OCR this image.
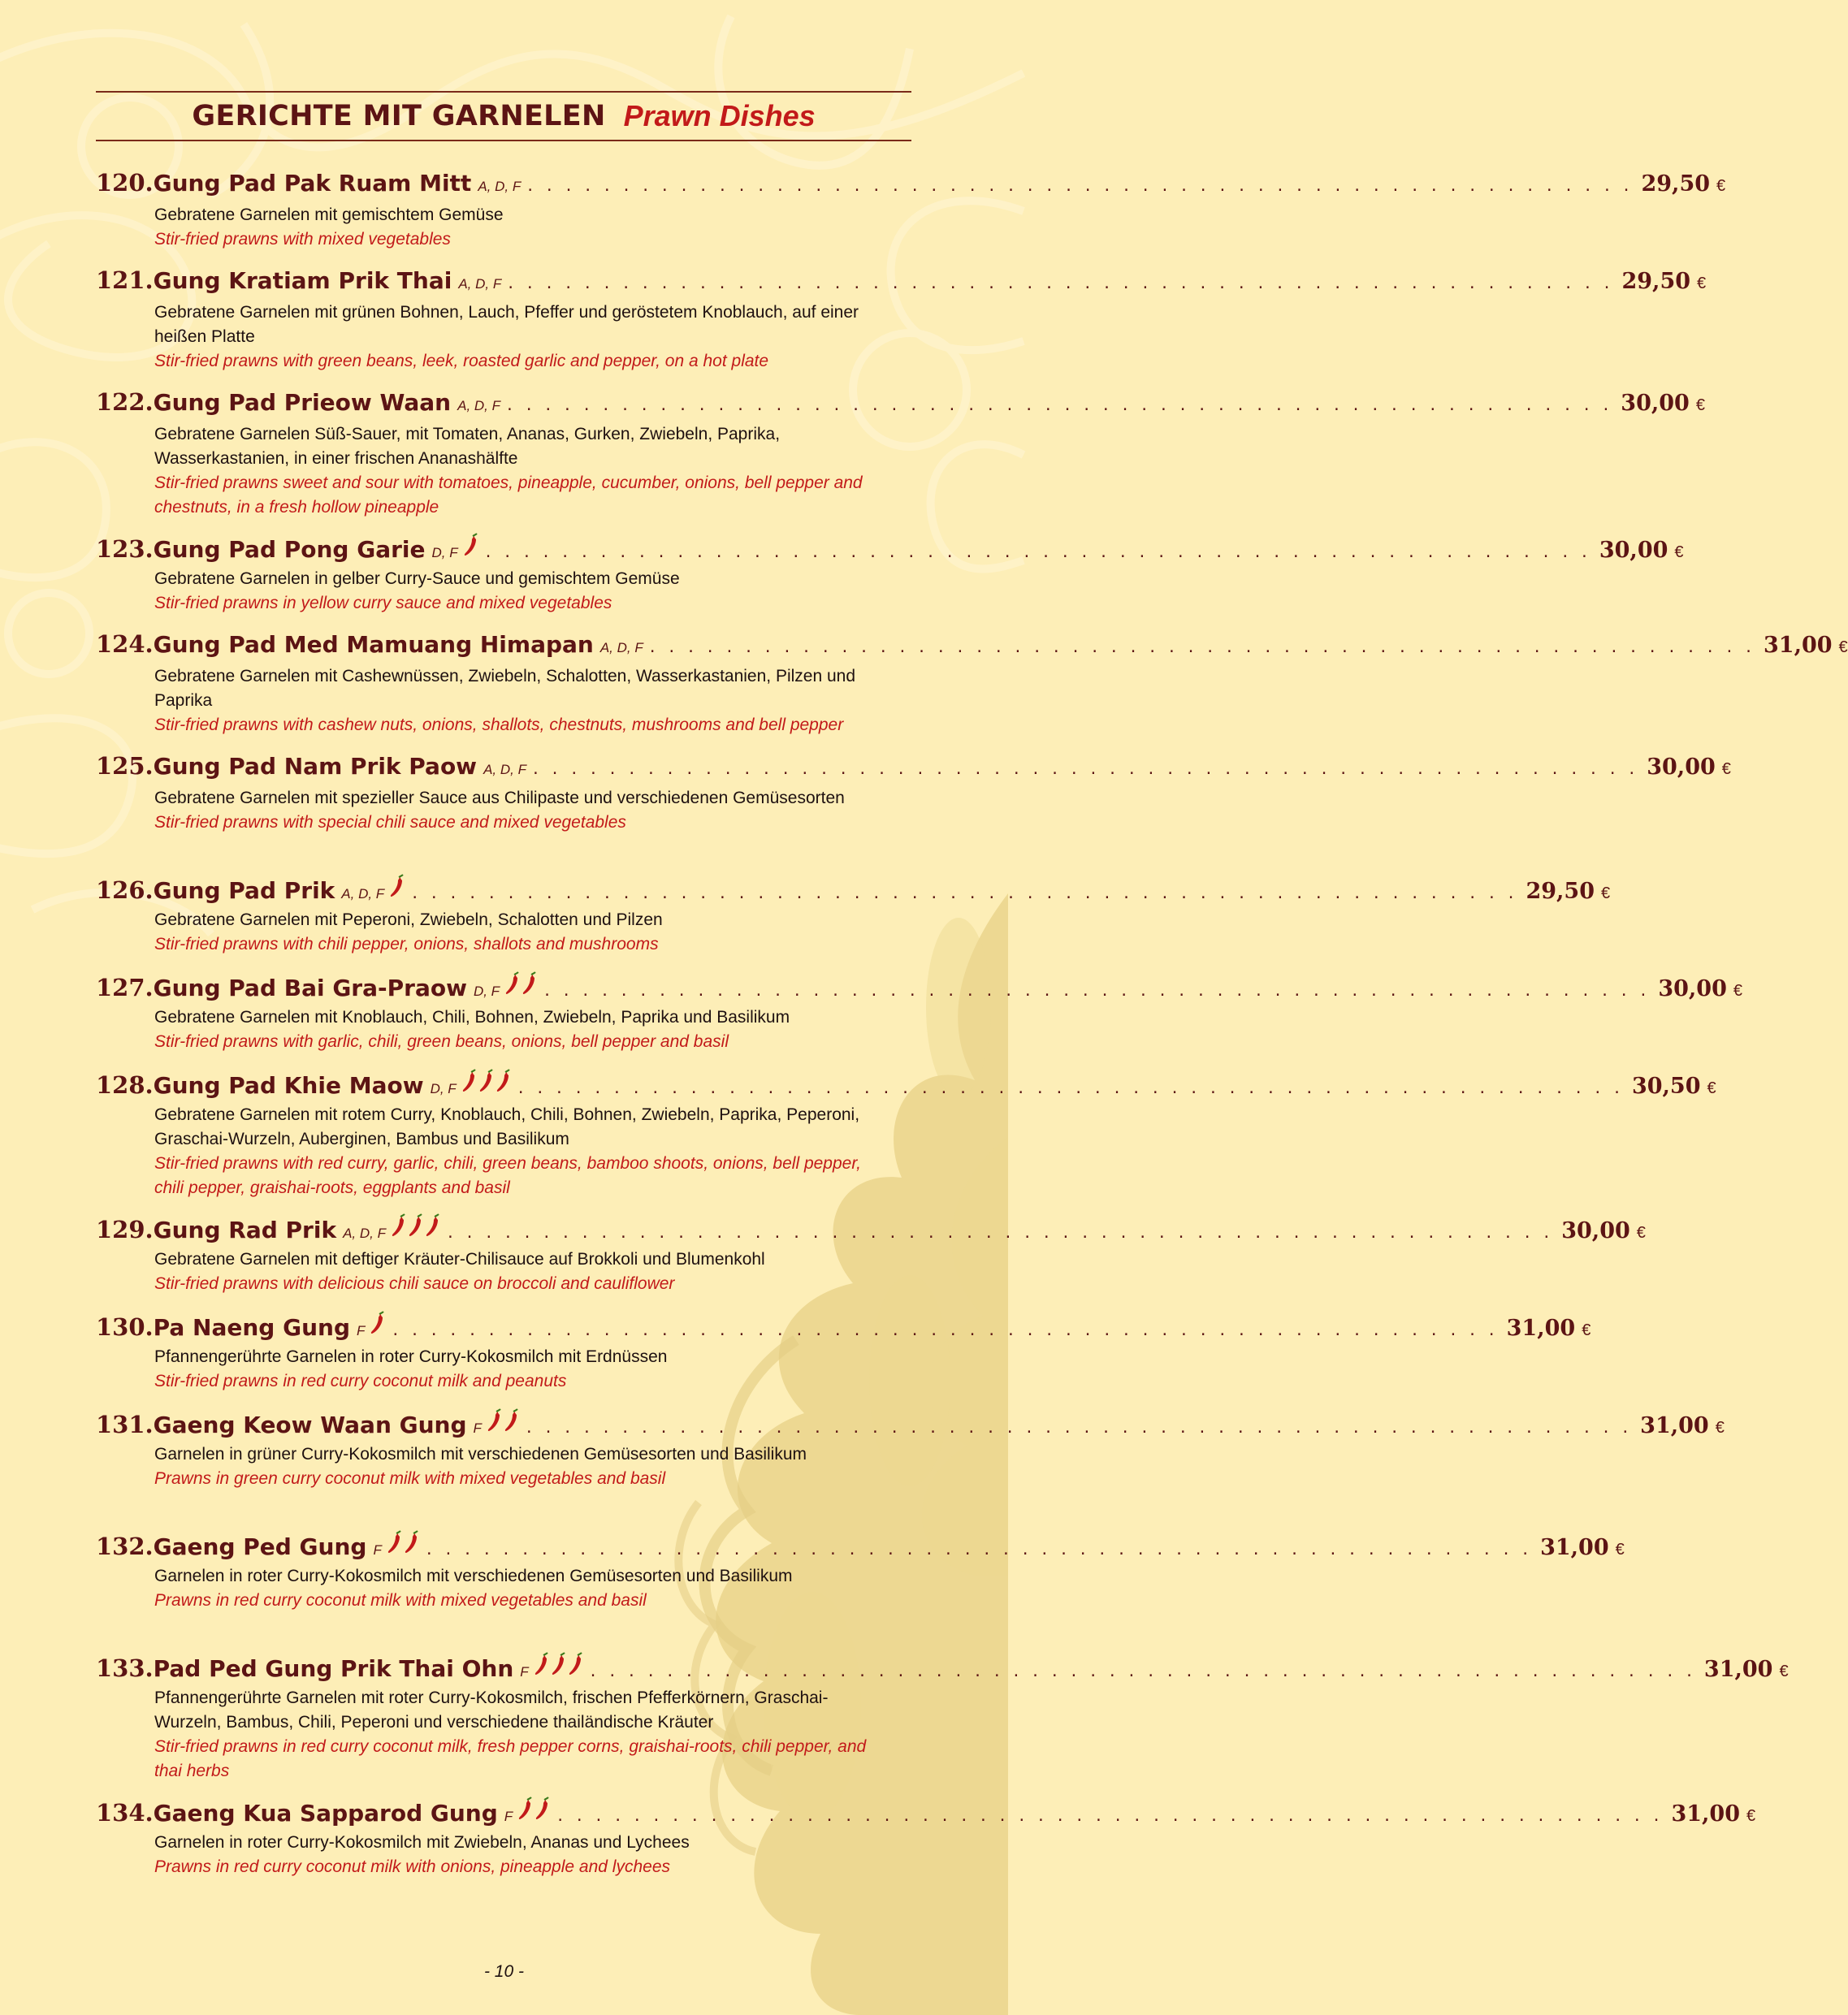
GERICHTE MIT GARNELEN Prawn Dishes
120. Gung Pad Pak Ruam Mitt A, D, F . . . . . . . . . . . . . . . . . . . . . . . . . . . . . . . . . . . . . . . . . . . . . . . . . . . . . . . . . . 29,50 €
Gebratene Garnelen mit gemischtem Gemüse
Stir-fried prawns with mixed vegetables
121. Gung Kratiam Prik Thai A, D, F . . . . . . . . . . . . . . . . . . . . . . . . . . . . . . . . . . . . . . . . . . . . . . . . . . . . . . . . . . 29,50 €
Gebratene Garnelen mit grünen Bohnen, Lauch, Pfeffer und geröstetem Knoblauch, auf einer heißen Platte
Stir-fried prawns with green beans, leek, roasted garlic and pepper, on a hot plate
122. Gung Pad Prieow Waan A, D, F . . . . . . . . . . . . . . . . . . . . . . . . . . . . . . . . . . . . . . . . . . . . . . . . . . . . . . . . . . 30,00 €
Gebratene Garnelen Süß-Sauer, mit Tomaten, Ananas, Gurken, Zwiebeln, Paprika, Wasserkastanien, in einer frischen Ananashälfte
Stir-fried prawns sweet and sour with tomatoes, pineapple, cucumber, onions, bell pepper and chestnuts, in a fresh hollow pineapple
123. Gung Pad Pong Garie D, F . . . . . . . . . . . . . . . . . . . . . . . . . . . . . . . . . . . . . . . . . . . . . . . . . . . . . . . . . . 30,00 €
Gebratene Garnelen in gelber Curry-Sauce und gemischtem Gemüse
Stir-fried prawns in yellow curry sauce and mixed vegetables
124. Gung Pad Med Mamuang Himapan A, D, F . . . . . . . . . . . . . . . . . . . . . . . . . . . . . . . . . . . . . . . . . . . . . . . . . . . . . . . . . . 31,00 €
Gebratene Garnelen mit Cashewnüssen, Zwiebeln, Schalotten, Wasserkastanien, Pilzen und Paprika
Stir-fried prawns with cashew nuts, onions, shallots, chestnuts, mushrooms and bell pepper
125. Gung Pad Nam Prik Paow A, D, F . . . . . . . . . . . . . . . . . . . . . . . . . . . . . . . . . . . . . . . . . . . . . . . . . . . . . . . . . . 30,00 €
Gebratene Garnelen mit spezieller Sauce aus Chilipaste und verschiedenen Gemüsesorten
Stir-fried prawns with special chili sauce and mixed vegetables
126. Gung Pad Prik A, D, F . . . . . . . . . . . . . . . . . . . . . . . . . . . . . . . . . . . . . . . . . . . . . . . . . . . . . . . . . . 29,50 €
Gebratene Garnelen mit Peperoni, Zwiebeln, Schalotten und Pilzen
Stir-fried prawns with chili pepper, onions, shallots and mushrooms
127. Gung Pad Bai Gra-Praow D, F	. . . . . . . . . . . . . . . . . . . . . . . . . . . . . . . . . . . . . . . . . . . . . . . . . . . . . . . . . . 30,00 €
Gebratene Garnelen mit Knoblauch, Chili, Bohnen, Zwiebeln, Paprika und Basilikum
Stir-fried prawns with garlic, chili, green beans, onions, bell pepper and basil
128. Gung Pad Khie Maow D, F	. . . . . . . . . . . . . . . . . . . . . . . . . . . . . . . . . . . . . . . . . . . . . . . . . . . . . . . . . . 30,50 €
Gebratene Garnelen mit rotem Curry, Knoblauch, Chili, Bohnen, Zwiebeln, Paprika, Peperoni, Graschai-Wurzeln, Auberginen, Bambus und Basilikum
Stir-fried prawns with red curry, garlic, chili, green beans, bamboo shoots, onions, bell pepper, chili pepper, graishai-roots, eggplants and basil
129. Gung Rad Prik A, D, F	. . . . . . . . . . . . . . . . . . . . . . . . . . . . . . . . . . . . . . . . . . . . . . . . . . . . . . . . . . 30,00 €
Gebratene Garnelen mit deftiger Kräuter-Chilisauce auf Brokkoli und Blumenkohl
Stir-fried prawns with delicious chili sauce on broccoli and cauliflower
130. Pa Naeng Gung F . . . . . . . . . . . . . . . . . . . . . . . . . . . . . . . . . . . . . . . . . . . . . . . . . . . . . . . . . . 31,00 €
Pfannengerührte Garnelen in roter Curry-Kokosmilch mit Erdnüssen
Stir-fried prawns in red curry coconut milk and peanuts
131. Gaeng Keow Waan Gung F	. . . . . . . . . . . . . . . . . . . . . . . . . . . . . . . . . . . . . . . . . . . . . . . . . . . . . . . . . . 31,00 €
Garnelen in grüner Curry-Kokosmilch mit verschiedenen Gemüsesorten und Basilikum
Prawns in green curry coconut milk with mixed vegetables and basil
132. Gaeng Ped Gung F	. . . . . . . . . . . . . . . . . . . . . . . . . . . . . . . . . . . . . . . . . . . . . . . . . . . . . . . . . . 31,00 €
Garnelen in roter Curry-Kokosmilch mit verschiedenen Gemüsesorten und Basilikum
Prawns in red curry coconut milk with mixed vegetables and basil
133. Pad Ped Gung Prik Thai Ohn F	. . . . . . . . . . . . . . . . . . . . . . . . . . . . . . . . . . . . . . . . . . . . . . . . . . . . . . . . . . 31,00 €
Pfannengerührte Garnelen mit roter Curry-Kokosmilch, frischen Pfefferkörnern, Graschai-Wurzeln, Bambus, Chili, Peperoni und verschiedene thailändische Kräuter
Stir-fried prawns in red curry coconut milk, fresh pepper corns, graishai-roots, chili pepper, and thai herbs
134. Gaeng Kua Sapparod Gung F	. . . . . . . . . . . . . . . . . . . . . . . . . . . . . . . . . . . . . . . . . . . . . . . . . . . . . . . . . . 31,00 €
Garnelen in roter Curry-Kokosmilch mit Zwiebeln, Ananas und Lychees
Prawns in red curry coconut milk with onions, pineapple and lychees
- 10 -
